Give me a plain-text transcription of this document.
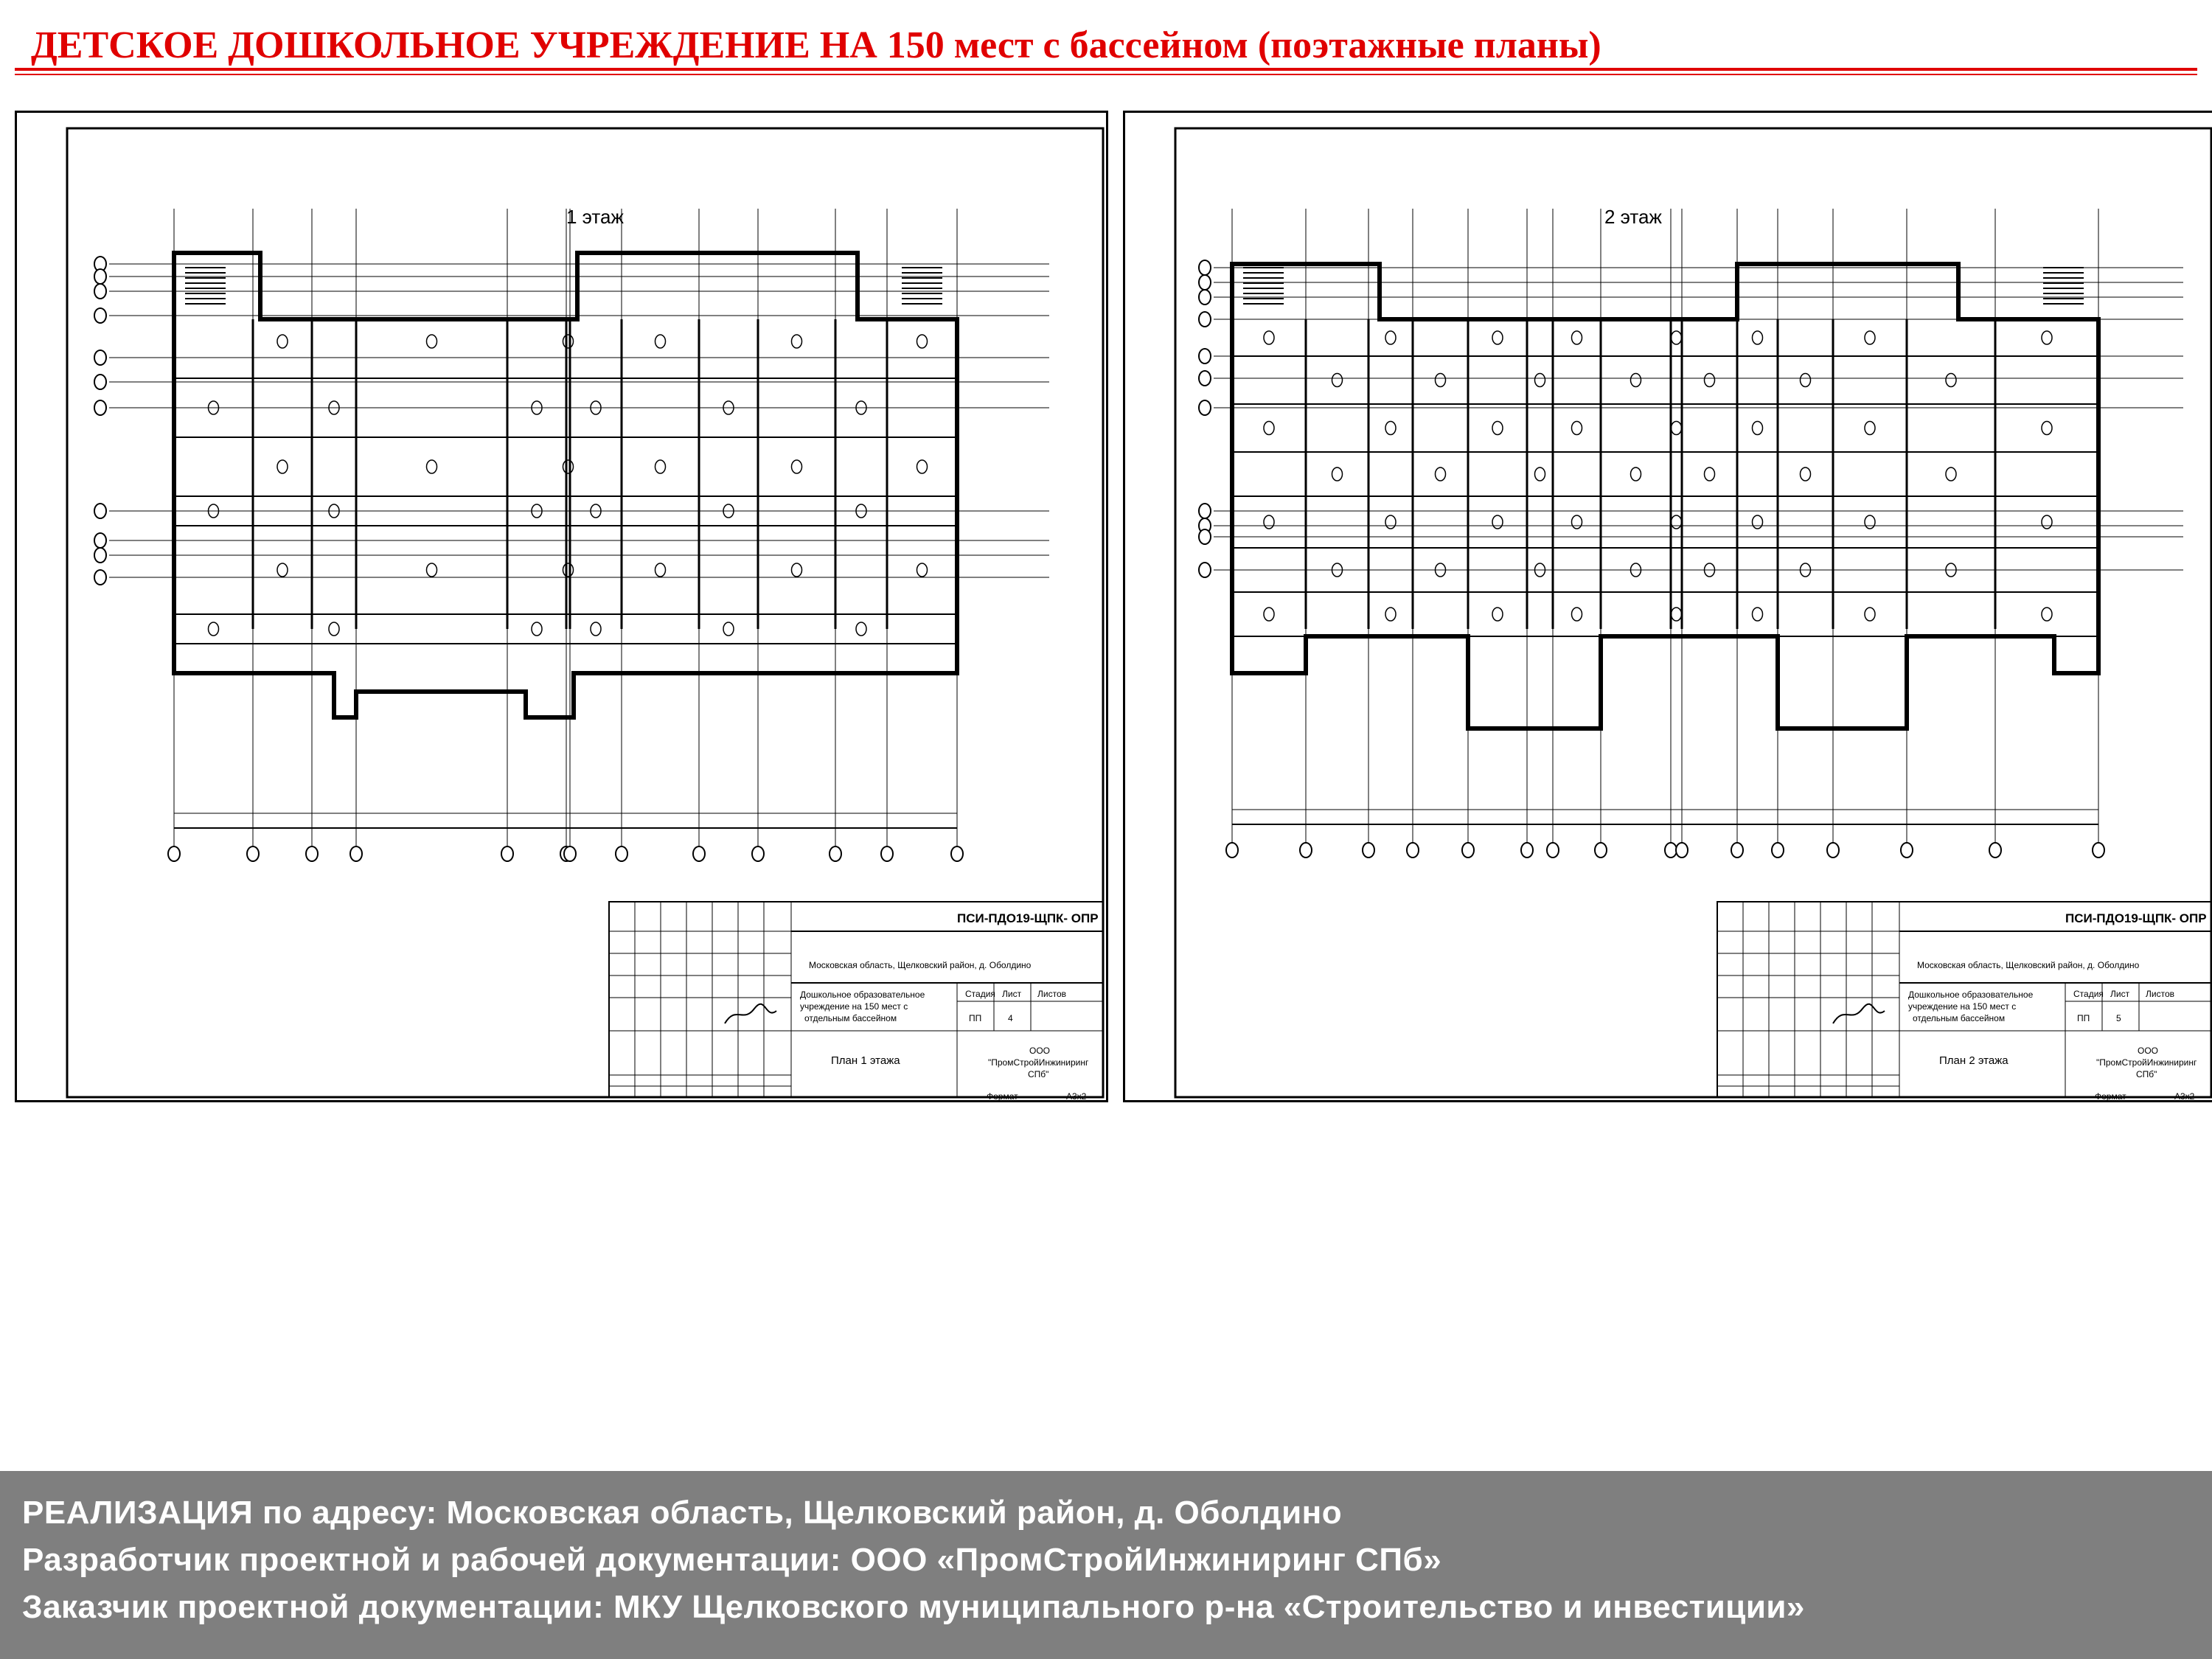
ДЕТСКОЕ ДОШКОЛЬНОЕ УЧРЕЖДЕНИЕ НА 150 мест с бассейном (поэтажные планы)
1 этаж
ПСИ-ПДО19-ЩПК- ОПР
Московская область, Щелковский район, д. Оболдино
Дошкольное образовательное
учреждение на 150 мест с
отдельным бассейном
Стадия Лист Листов
ПП	4
План 1 этажа
ООО
"ПромСтройИнжиниринг
СПб"
Формат	А3х2
2 этаж
ПСИ-ПДО19-ЩПК- ОПР
Московская область, Щелковский район, д. Оболдино
Дошкольное образовательное
учреждение на 150 мест с
отдельным бассейном
Стадия Лист Листов
ПП	5
План 2 этажа
ООО
"ПромСтройИнжиниринг
СПб"
Формат	А3х2
РЕАЛИЗАЦИЯ по адресу: Московская область, Щелковский район, д. Оболдино
Разработчик проектной и рабочей документации: ООО «ПромСтройИнжиниринг СПб»
Заказчик проектной документации: МКУ Щелковского муниципального р-на «Строительство и инвестиции»
